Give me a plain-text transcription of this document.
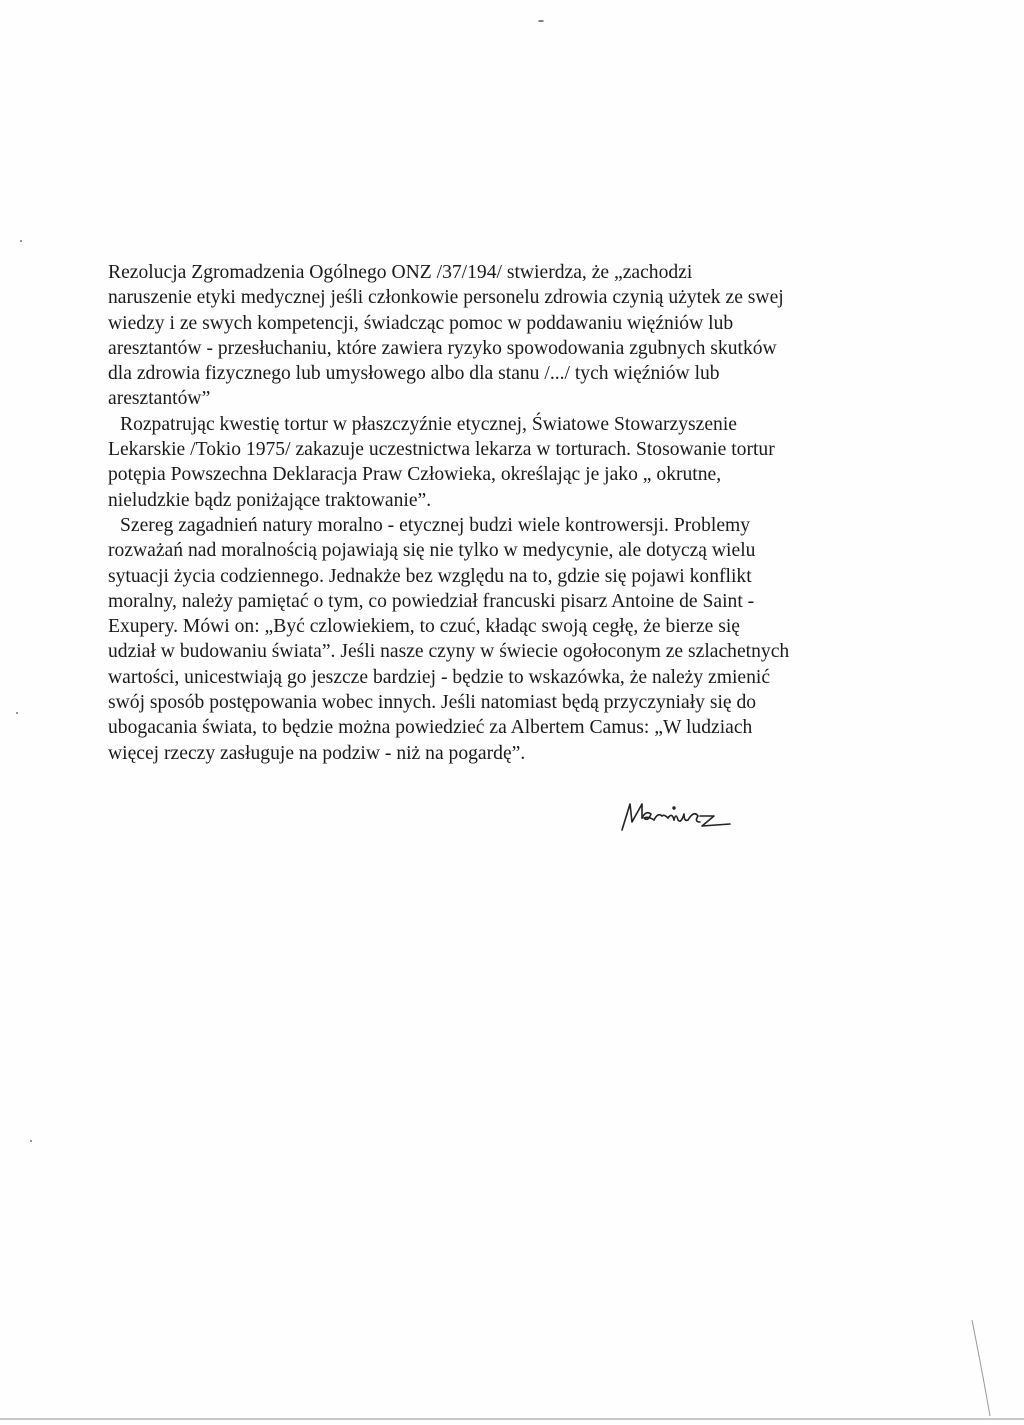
Rezolucja Zgromadzenia Ogólnego ONZ /37/194/ stwierdza, że „zachodzi
naruszenie etyki medycznej jeśli członkowie personelu zdrowia czynią użytek ze swej
wiedzy i ze swych kompetencji, świadcząc pomoc w poddawaniu więźniów lub
aresztantów - przesłuchaniu, które zawiera ryzyko spowodowania zgubnych skutków
dla zdrowia fizycznego lub umysłowego albo dla stanu /.../ tych więźniów lub
aresztantów”
Rozpatrując kwestię tortur w płaszczyźnie etycznej, Światowe Stowarzyszenie
Lekarskie /Tokio 1975/ zakazuje uczestnictwa lekarza w torturach. Stosowanie tortur
potępia Powszechna Deklaracja Praw Człowieka, określając je jako „ okrutne,
nieludzkie bądz poniżające traktowanie”.
Szereg zagadnień natury moralno - etycznej budzi wiele kontrowersji. Problemy
rozważań nad moralnością pojawiają się nie tylko w medycynie, ale dotyczą wielu
sytuacji życia codziennego. Jednakże bez względu na to, gdzie się pojawi konflikt
moralny, należy pamiętać o tym, co powiedział francuski pisarz Antoine de Saint -
Exupery. Mówi on: „Być czlowiekiem, to czuć, kładąc swoją cegłę, że bierze się
udział w budowaniu świata”. Jeśli nasze czyny w świecie ogołoconym ze szlachetnych
wartości, unicestwiają go jeszcze bardziej - będzie to wskazówka, że należy zmienić
swój sposób postępowania wobec innych. Jeśli natomiast będą przyczyniały się do
ubogacania świata, to będzie można powiedzieć za Albertem Camus: „W ludziach
więcej rzeczy zasługuje na podziw - niż na pogardę”.
